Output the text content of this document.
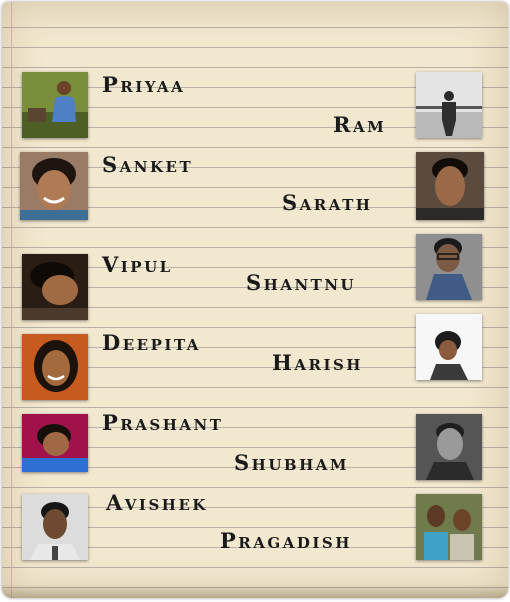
Priyaa

Ram

Sanket

Sarath

Vipul

Shantnu

Deepita

Harish

Prashant

Shubham

Avishek

Pragadish
